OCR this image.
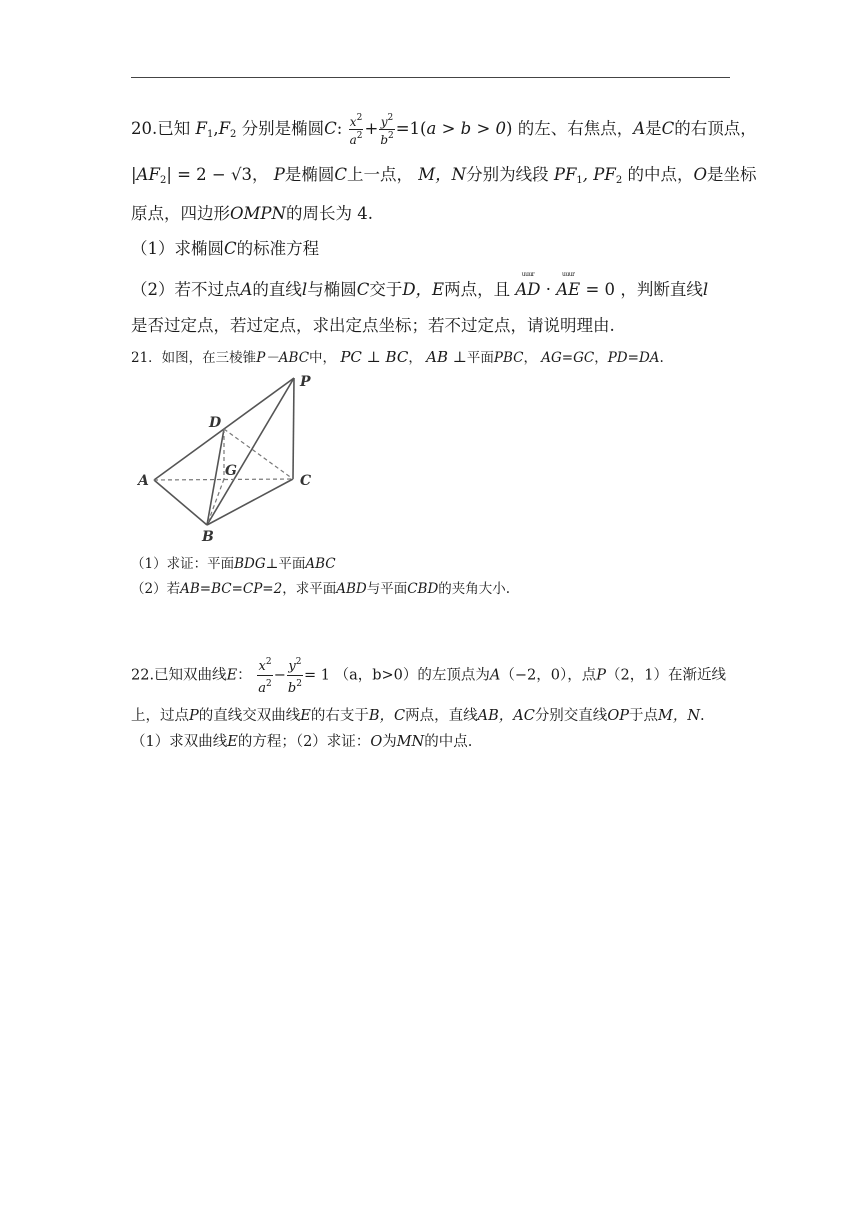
20.已知 $F_1,F_2$ 分别是椭圆C: $\frac{x^2}{a^2} + \frac{y^2}{b^2} =1(a > b > 0)$ 的左、右焦点，A是C的右顶点，
$|AF_2| = 2 - √3$， P是椭圆C上一点， M，N分别为线段 $PF_1$, $PF_2$ 的中点，O是坐标
原点，四边形OMPN的周长为 4.
（1）求椭圆C的标准方程
（2）若不过点A的直线l与椭圆C交于D，E两点，且
uuur
AD ·
uuur
AE = 0 ，判断直线l
是否过定点，若过定点，求出定点坐标；若不过定点，请说明理由.
21．如图，在三棱锥P－ABC中， PC ⊥ BC， AB ⊥平面PBC， AG=GC，PD=DA.
P
D
G
A	C
B
（1）求证：平面BDG⊥平面ABC
（2）若AB=BC=CP=2，求平面ABD与平面CBD的夹角大小.
22.已知双曲线E： $\frac{x^2}{a^2} - \frac{y^2}{b^2} = 1$ （a，b>0）的左顶点为A（−2，0），点P（2，1）在渐近线
上，过点P的直线交双曲线E的右支于B，C两点，直线AB，AC分别交直线OP于点M，N.
（1）求双曲线E的方程；（2）求证：O为MN的中点.
